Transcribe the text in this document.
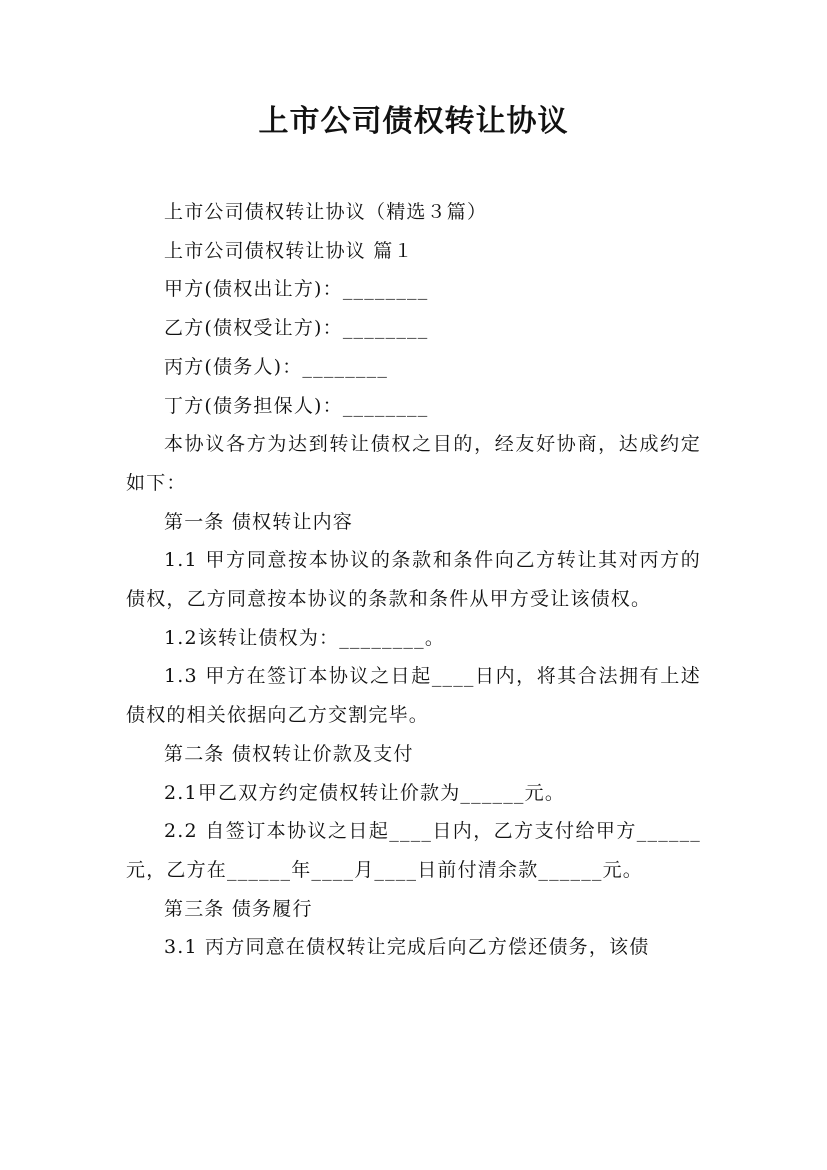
上市公司债权转让协议

上市公司债权转让协议（精选３篇）

上市公司债权转让协议 篇１

甲方(债权出让方)：________

乙方(债权受让方)：________

丙方(债务人)：________

丁方(债务担保人)：________

本协议各方为达到转让债权之目的，经友好协商，达成约定如下：

第一条 债权转让内容

1.1 甲方同意按本协议的条款和条件向乙方转让其对丙方的债权，乙方同意按本协议的条款和条件从甲方受让该债权。

1.2该转让债权为：________。

1.3 甲方在签订本协议之日起____日内，将其合法拥有上述债权的相关依据向乙方交割完毕。

第二条 债权转让价款及支付

2.1甲乙双方约定债权转让价款为______元。

2.2 自签订本协议之日起____日内，乙方支付给甲方______元，乙方在______年____月____日前付清余款______元。

第三条 债务履行

3.1 丙方同意在债权转让完成后向乙方偿还债务，该债
